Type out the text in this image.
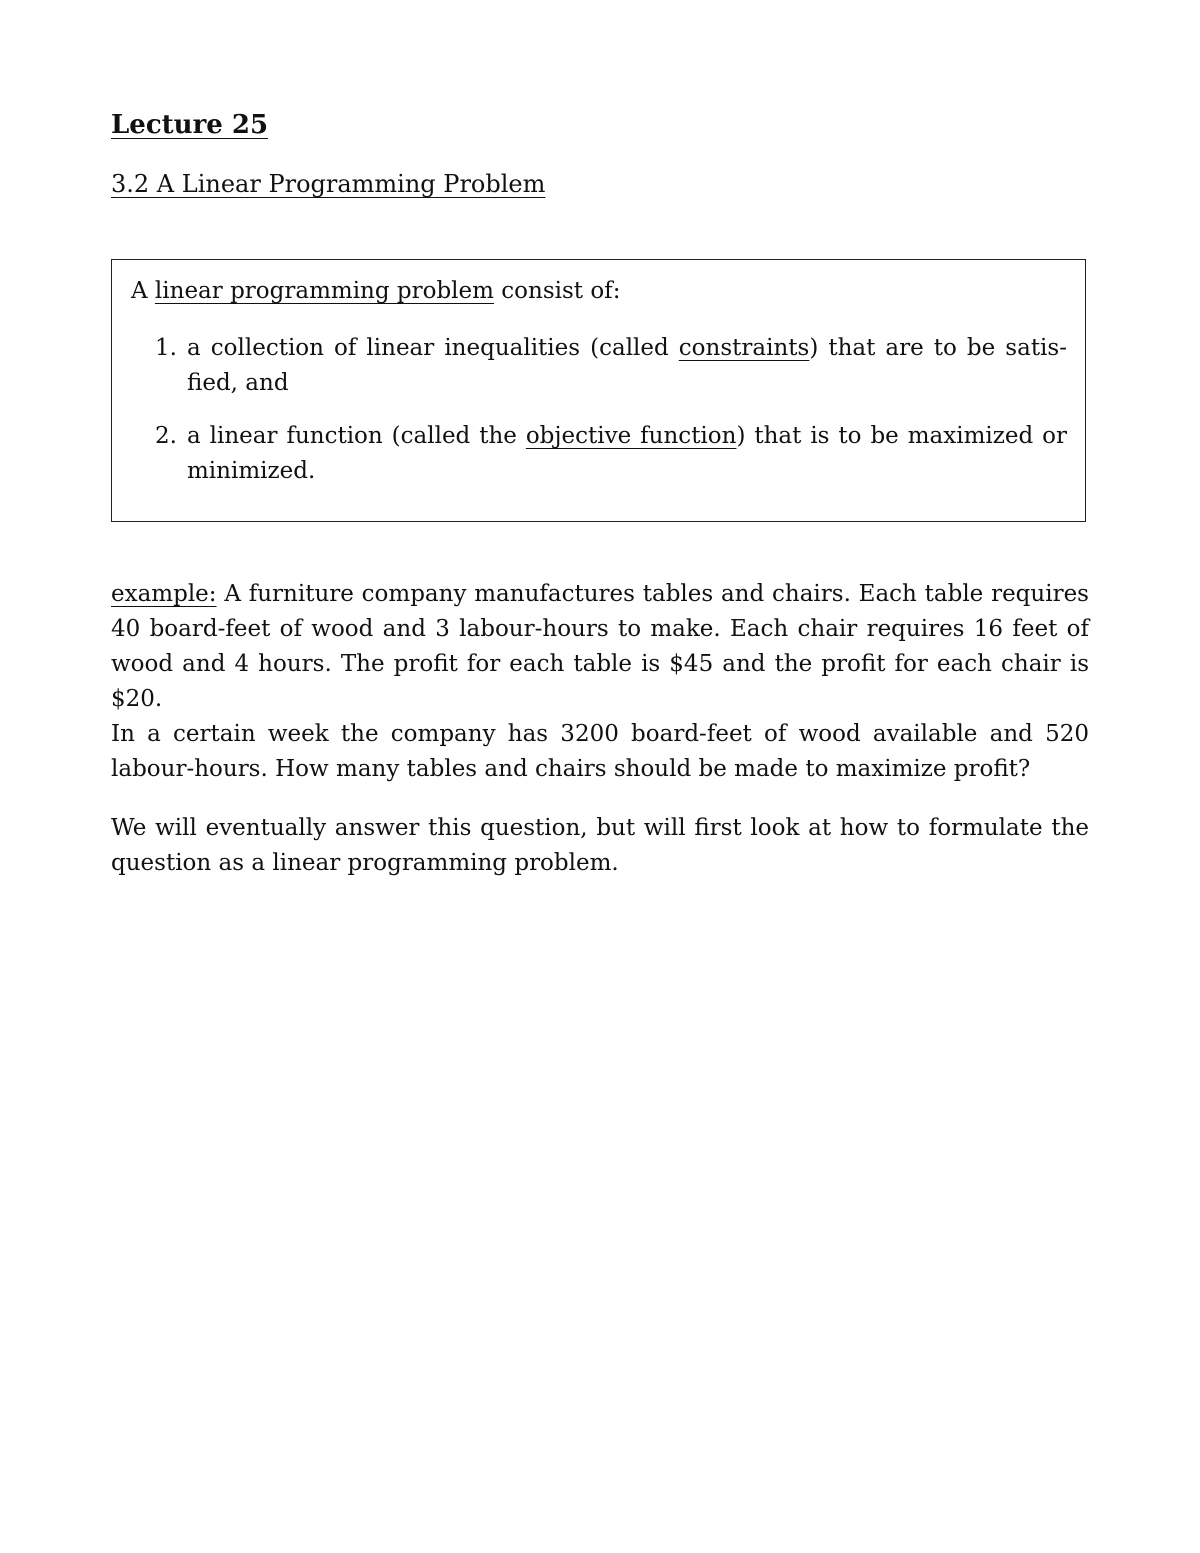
Lecture 25
3.2 A Linear Programming Problem

A linear programming problem consist of:

1. a collection of linear inequalities (called constraints) that are to be satisfied, and
2. a linear function (called the objective function) that is to be maximized or minimized.

example: A furniture company manufactures tables and chairs. Each table requires 40 board-feet of wood and 3 labour-hours to make. Each chair requires 16 feet of wood and 4 hours. The profit for each table is $45 and the profit for each chair is $20.

In a certain week the company has 3200 board-feet of wood available and 520 labour-hours. How many tables and chairs should be made to maximize profit?

We will eventually answer this question, but will first look at how to formulate the question as a linear programming problem.
